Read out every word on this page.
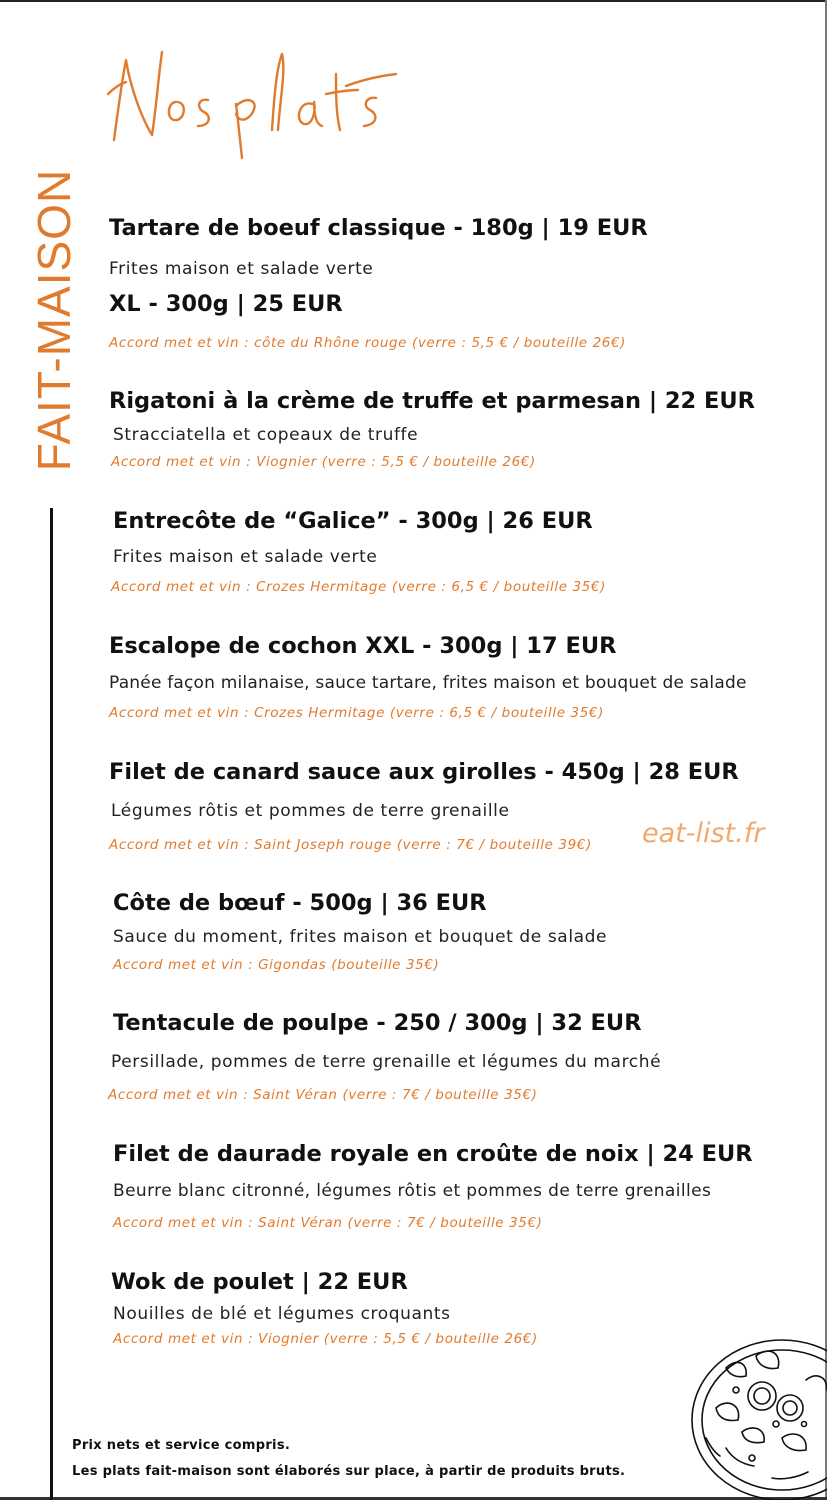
FAIT-MAISON Tartare de boeuf classique - 180g | 19 EUR
Frites maison et salade verte
XL - 300g | 25 EUR
Accord met et vin : côte du Rhône rouge (verre : 5,5 € / bouteille 26€)
Rigatoni à la crème de truffe et parmesan | 22 EUR
Stracciatella et copeaux de truffe
Accord met et vin : Viognier (verre : 5,5 € / bouteille 26€)
Entrecôte de “Galice” - 300g | 26 EUR
Frites maison et salade verte
Accord met et vin : Crozes Hermitage (verre : 6,5 € / bouteille 35€)
Escalope de cochon XXL - 300g | 17 EUR
Panée façon milanaise, sauce tartare, frites maison et bouquet de salade
Accord met et vin : Crozes Hermitage (verre : 6,5 € / bouteille 35€)
Filet de canard sauce aux girolles - 450g | 28 EUR
Légumes rôtis et pommes de terre grenaille
Accord met et vin : Saint Joseph rouge (verre : 7€ / bouteille 39€) eat-list.fr
Côte de bœuf - 500g | 36 EUR
Sauce du moment, frites maison et bouquet de salade
Accord met et vin : Gigondas (bouteille 35€)
Tentacule de poulpe - 250 / 300g | 32 EUR
Persillade, pommes de terre grenaille et légumes du marché
Accord met et vin : Saint Véran (verre : 7€ / bouteille 35€)
Filet de daurade royale en croûte de noix | 24 EUR
Beurre blanc citronné, légumes rôtis et pommes de terre grenailles
Accord met et vin : Saint Véran (verre : 7€ / bouteille 35€)
Wok de poulet | 22 EUR
Nouilles de blé et légumes croquants
Accord met et vin : Viognier (verre : 5,5 € / bouteille 26€)
Prix nets et service compris.
Les plats fait-maison sont élaborés sur place, à partir de produits bruts.
